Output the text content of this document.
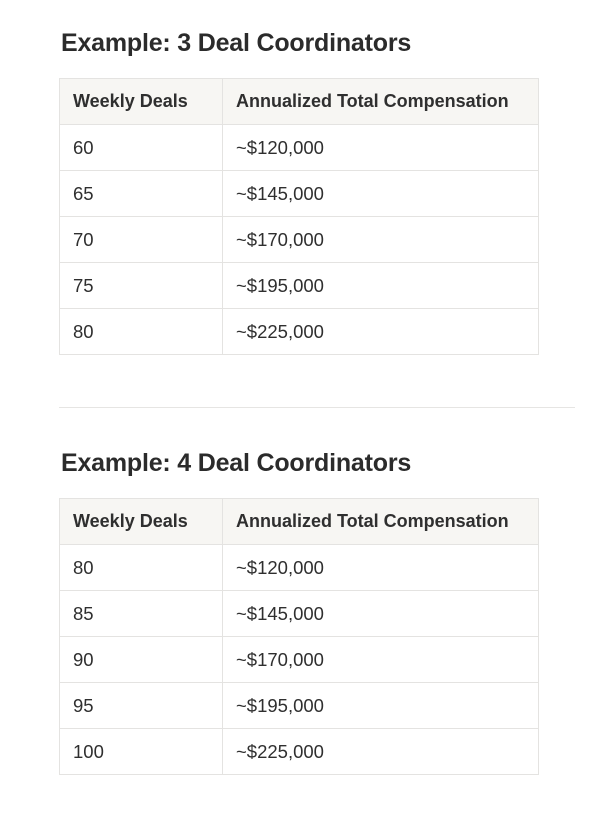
Example: 3 Deal Coordinators
Weekly Deals	Annualized Total Compensation
60	~$120,000
65	~$145,000
70	~$170,000
75	~$195,000
80	~$225,000
Example: 4 Deal Coordinators
Weekly Deals	Annualized Total Compensation
80	~$120,000
85	~$145,000
90	~$170,000
95	~$195,000
100	~$225,000
